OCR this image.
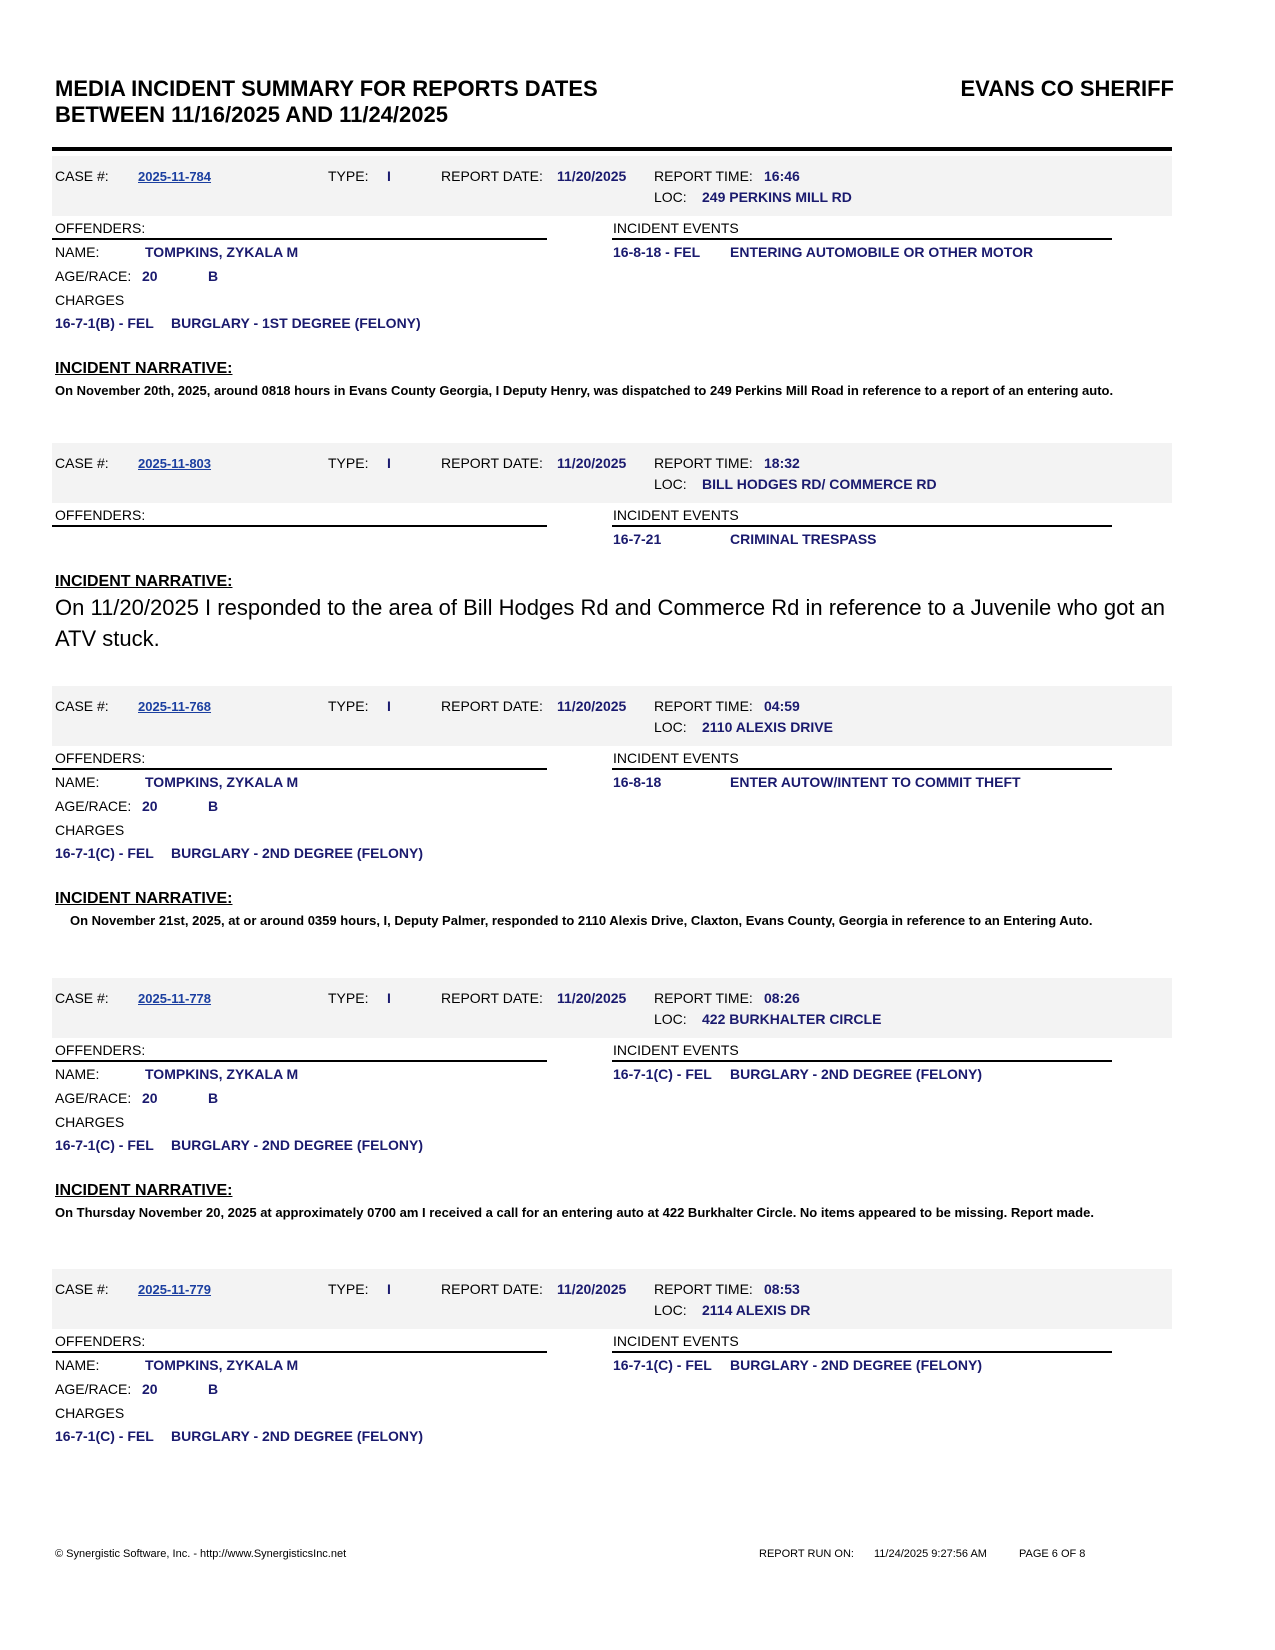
MEDIA INCIDENT SUMMARY FOR REPORTS DATES
BETWEEN 11/16/2025 AND 11/24/2025
EVANS CO SHERIFF
CASE #: 2025-11-784	TYPE: I	REPORT DATE: 11/20/2025 REPORT TIME: 16:46
LOC: 249 PERKINS MILL RD
OFFENDERS:	INCIDENT EVENTS
NAME:	TOMPKINS, ZYKALA M	16-8-18 - FEL ENTERING AUTOMOBILE OR OTHER MOTOR
AGE/RACE: 20	B
CHARGES
16-7-1(B) - FEL BURGLARY - 1ST DEGREE (FELONY)
INCIDENT NARRATIVE:
On November 20th, 2025, around 0818 hours in Evans County Georgia, I Deputy Henry, was dispatched to 249 Perkins Mill Road in reference to a report of an entering auto.
CASE #: 2025-11-803	TYPE: I	REPORT DATE: 11/20/2025 REPORT TIME: 18:32
LOC: BILL HODGES RD/ COMMERCE RD
OFFENDERS:	INCIDENT EVENTS
16-7-21	CRIMINAL TRESPASS
INCIDENT NARRATIVE:
On 11/20/2025 I responded to the area of Bill Hodges Rd and Commerce Rd in reference to a Juvenile who got an ATV stuck.
CASE #: 2025-11-768	TYPE: I	REPORT DATE: 11/20/2025 REPORT TIME: 04:59
LOC: 2110 ALEXIS DRIVE
OFFENDERS:	INCIDENT EVENTS
NAME:	TOMPKINS, ZYKALA M	16-8-18	ENTER AUTOW/INTENT TO COMMIT THEFT
AGE/RACE: 20	B
CHARGES
16-7-1(C) - FEL BURGLARY - 2ND DEGREE (FELONY)
INCIDENT NARRATIVE:
On November 21st, 2025, at or around 0359 hours, I, Deputy Palmer, responded to 2110 Alexis Drive, Claxton, Evans County, Georgia in reference to an Entering Auto.
CASE #: 2025-11-778	TYPE: I	REPORT DATE: 11/20/2025 REPORT TIME: 08:26
LOC: 422 BURKHALTER CIRCLE
OFFENDERS:	INCIDENT EVENTS
NAME:	TOMPKINS, ZYKALA M	16-7-1(C) - FEL BURGLARY - 2ND DEGREE (FELONY)
AGE/RACE: 20	B
CHARGES
16-7-1(C) - FEL BURGLARY - 2ND DEGREE (FELONY)
INCIDENT NARRATIVE:
On Thursday November 20, 2025 at approximately 0700 am I received a call for an entering auto at 422 Burkhalter Circle. No items appeared to be missing. Report made.
CASE #: 2025-11-779	TYPE: I	REPORT DATE: 11/20/2025 REPORT TIME: 08:53
LOC: 2114 ALEXIS DR
OFFENDERS:	INCIDENT EVENTS
NAME:	TOMPKINS, ZYKALA M	16-7-1(C) - FEL BURGLARY - 2ND DEGREE (FELONY)
AGE/RACE: 20	B
CHARGES
16-7-1(C) - FEL BURGLARY - 2ND DEGREE (FELONY)
© Synergistic Software, Inc. - http://www.SynergisticsInc.net	REPORT RUN ON: 11/24/2025 9:27:56 AM	PAGE 6 OF 8
